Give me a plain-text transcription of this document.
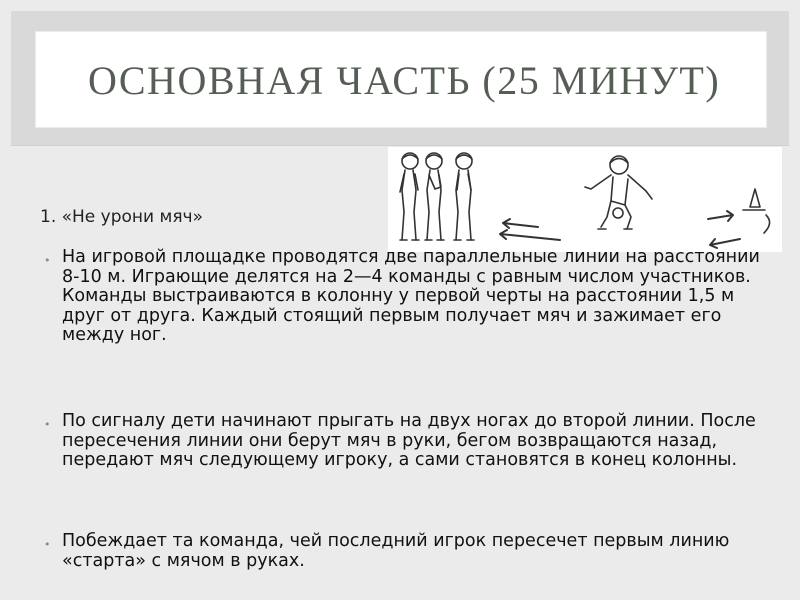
ОСНОВНАЯ ЧАСТЬ (25 МИНУТ)
1. «Не урони мяч»
• На игровой площадке проводятся две параллельные линии на расстоянии 8-10 м. Играющие делятся на 2—4 команды с равным числом участников. Команды выстраиваются в колонну у первой черты на расстоянии 1,5 м друг от друга. Каждый стоящий первым получает мяч и зажимает его между ног.
• По сигналу дети начинают прыгать на двух ногах до второй линии. После пересечения линии они берут мяч в руки, бегом возвращаются назад, передают мяч следующему игроку, а сами становятся в конец колонны.
• Побеждает та команда, чей последний игрок пересечет первым линию «старта» с мячом в руках.
